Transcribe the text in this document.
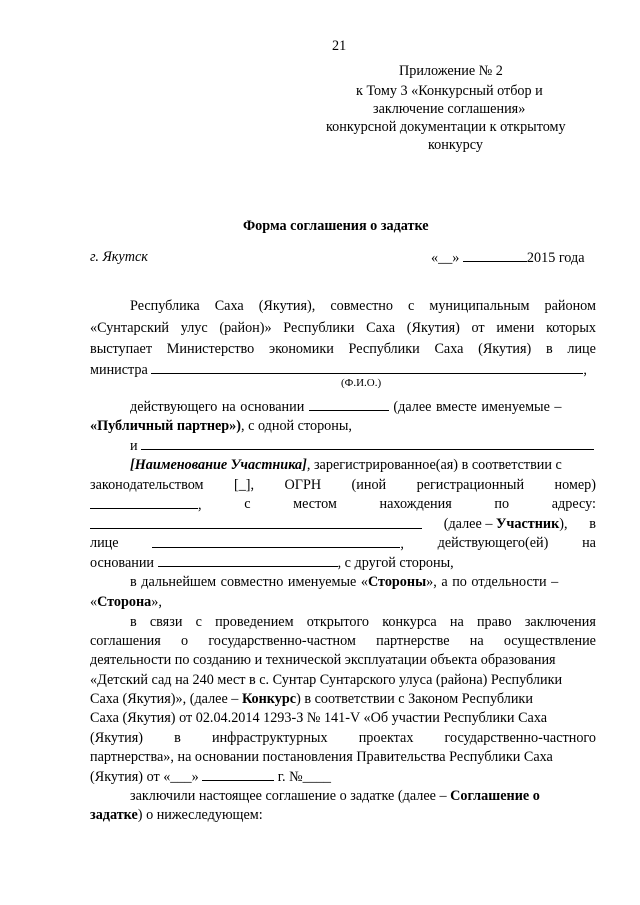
21
Приложение № 2
к Тому 3 «Конкурсный отбор и
заключение соглашения»
конкурсной документации к открытому
конкурсу
Форма соглашения о задатке
г. Якутск	«__»	2015 года
Республика Саха (Якутия), совместно с муниципальным районом
«Сунтарский улус (район)» Республики Саха (Якутия) от имени которых
выступает Министерство экономики Республики Саха (Якутия) в лице
министра	,
(Ф.И.О.)
действующего на основании	(далее вместе именуемые –
«Публичный партнер»), с одной стороны,
и
[Наименование Участника], зарегистрированное(ая) в соответствии с
законодательством [_], ОГРН (иной регистрационный номер)
,	с	местом	нахождения	по	адресу:
(далее – Участник), в
лице	, действующего(ей) на
основании	, с другой стороны,
в дальнейшем совместно именуемые «Стороны», а по отдельности –
«Сторона»,
в связи с проведением открытого конкурса на право заключения
соглашения о государственно-частном партнерстве на осуществление
деятельности по созданию и технической эксплуатации объекта образования
«Детский сад на 240 мест в с. Сунтар Сунтарского улуса (района) Республики
Саха (Якутия)», (далее – Конкурс) в соответствии с Законом Республики
Саха (Якутия) от 02.04.2014 1293-З № 141-V «Об участии Республики Саха
(Якутия) в инфраструктурных проектах государственно-частного
партнерства», на основании постановления Правительства Республики Саха
(Якутия) от «___»	г. №____
заключили настоящее соглашение о задатке (далее – Соглашение о
задатке) о нижеследующем:
